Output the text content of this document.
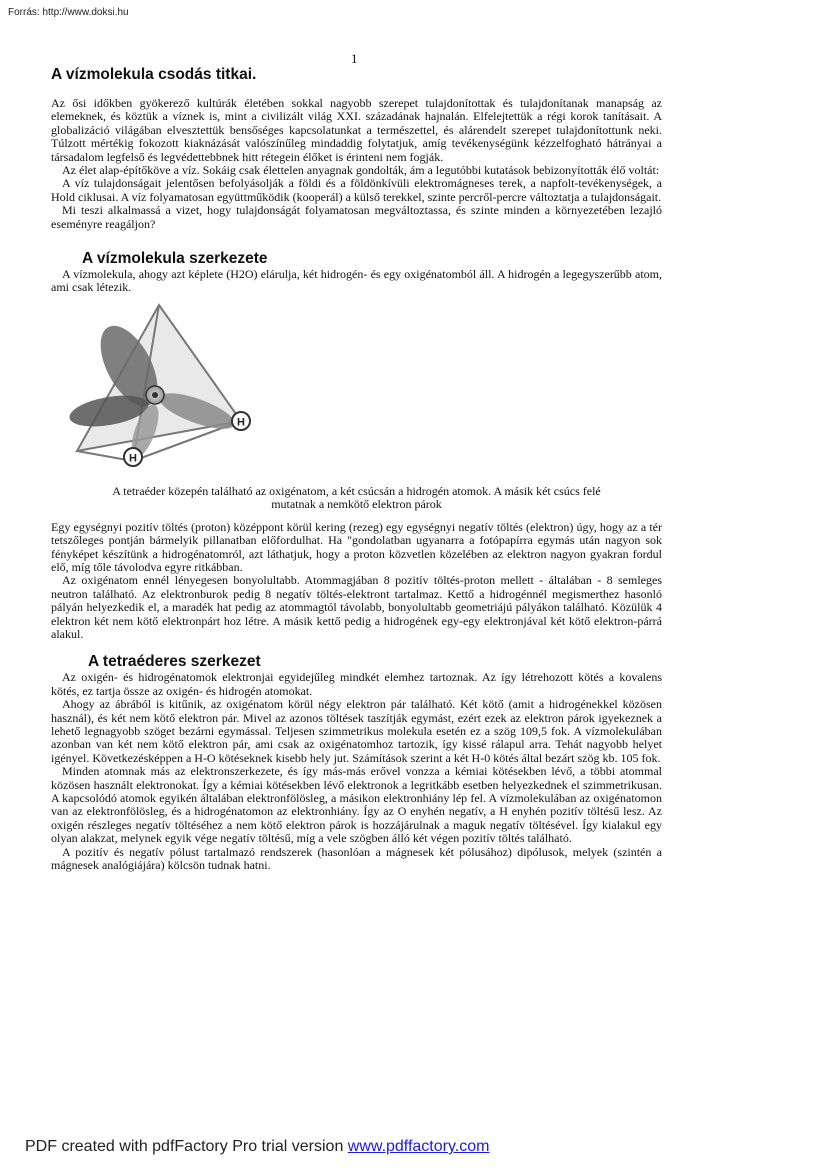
Forrás: http://www.doksi.hu
1
A vízmolekula csodás titkai.

Az ősi időkben gyökerező kultúrák életében sokkal nagyobb szerepet tulajdonítottak és tulajdonítanak manapság az elemeknek, és köztük a víznek is, mint a civilizált világ XXI. századának hajnalán. Elfelejtettük a régi korok tanításait. A globalizáció világában elvesztettük bensőséges kapcsolatunkat a természettel, és alárendelt szerepet tulajdonítottunk neki. Túlzott mértékig fokozott kiaknázását valószínűleg mindaddig folytatjuk, amíg tevékenységünk kézzelfogható hátrányai a társadalom legfelső és legvédettebbnek hitt rétegein élőket is érinteni nem fogják.

Az élet alap-építőköve a víz. Sokáig csak élettelen anyagnak gondolták, ám a legutóbbi kutatások bebizonyították élő voltát:

A víz tulajdonságait jelentősen befolyásolják a földi és a földönkívüli elektromágneses terek, a napfolt-tevékenységek, a Hold ciklusai. A víz folyamatosan együttműködik (kooperál) a külső terekkel, szinte percről-percre változtatja a tulajdonságait.

Mi teszi alkalmassá a vizet, hogy tulajdonságát folyamatosan megváltoztassa, és szinte minden a környezetében lezajló eseményre reagáljon?

A vízmolekula szerkezete

A vízmolekula, ahogy azt képlete (H2O) elárulja, két hidrogén- és egy oxigénatomból áll. A hidrogén a legegyszerűbb atom, ami csak létezik.

H
H
A tetraéder közepén található az oxigénatom, a két csúcsán a hidrogén atomok. A másik két csúcs felé
mutatnak a nemkötő elektron párok

Egy egységnyi pozitív töltés (proton) középpont körül kering (rezeg) egy egységnyi negatív töltés (elektron) úgy, hogy az a tér tetszőleges pontján bármelyik pillanatban előfordulhat. Ha "gondolatban ugyanarra a fotópapírra egymás után nagyon sok fényképet készítünk a hidrogénatomról, azt láthatjuk, hogy a proton közvetlen közelében az elektron nagyon gyakran fordul elő, míg tőle távolodva egyre ritkábban.

Az oxigénatom ennél lényegesen bonyolultabb. Atommagjában 8 pozitív töltés-proton mellett - általában - 8 semleges neutron található. Az elektronburok pedig 8 negatív töltés-elektront tartalmaz. Kettő a hidrogénnél megismerthez hasonló pályán helyezkedik el, a maradék hat pedig az atommagtól távolabb, bonyolultabb geometriájú pályákon található. Közülük 4 elektron két nem kötő elektronpárt hoz létre. A másik kettő pedig a hidrogének egy-egy elektronjával két kötő elektron-párrá alakul.

A tetraéderes szerkezet

Az oxigén- és hidrogénatomok elektronjai egyidejűleg mindkét elemhez tartoznak. Az így létrehozott kötés a kovalens kötés, ez tartja össze az oxigén- és hidrogén atomokat.

Ahogy az ábrából is kitűnik, az oxigénatom körül négy elektron pár található. Két kötő (amit a hidrogénekkel közösen használ), és két nem kötő elektron pár. Mivel az azonos töltések taszítják egymást, ezért ezek az elektron párok igyekeznek a lehető legnagyobb szöget bezárni egymással. Teljesen szimmetrikus molekula esetén ez a szög 109,5 fok. A vízmolekulában azonban van két nem kötő elektron pár, ami csak az oxigénatomhoz tartozik, így kissé rálapul arra. Tehát nagyobb helyet igényel. Következésképpen a H-O kötéseknek kisebb hely jut. Számítások szerint a két H-0 kötés által bezárt szög kb. 105 fok.

Minden atomnak más az elektronszerkezete, és így más-más erővel vonzza a kémiai kötésekben lévő, a többi atommal közösen használt elektronokat. Így a kémiai kötésekben lévő elektronok a legritkább esetben helyezkednek el szimmetrikusan. A kapcsolódó atomok egyikén általában elektronfölösleg, a másikon elektronhiány lép fel. A vízmolekulában az oxigénatomon van az elektronfölösleg, és a hidrogénatomon az elektronhiány. Így az O enyhén negatív, a H enyhén pozitív töltésű lesz. Az oxigén részleges negatív töltéséhez a nem kötő elektron párok is hozzájárulnak a maguk negatív töltésével. Így kialakul egy olyan alakzat, melynek egyik vége negatív töltésű, míg a vele szögben álló két végen pozitív töltés található.

A pozitív és negatív pólust tartalmazó rendszerek (hasonlóan a mágnesek két pólusához) dipólusok, melyek (szintén a mágnesek analógiájára) kölcsön tudnak hatni.

PDF created with pdfFactory Pro trial version www.pdffactory.com
